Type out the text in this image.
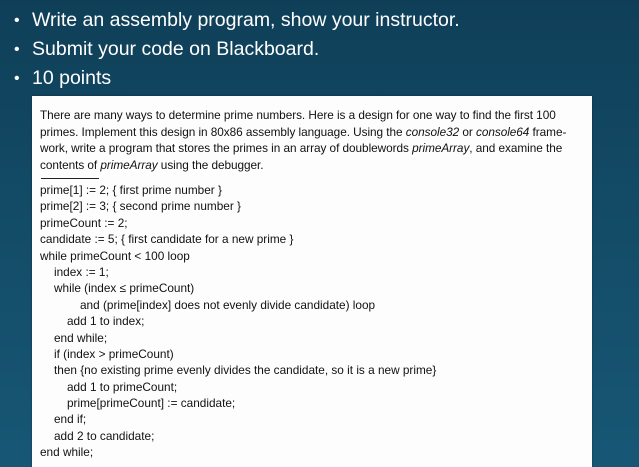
• Write an assembly program, show your instructor.
• Submit your code on Blackboard.
• 10 points

There are many ways to determine prime numbers. Here is a design for one way to find the first 100 primes. Implement this design in 80x86 assembly language. Using the console32 or console64 frame-work, write a program that stores the primes in an array of doublewords primeArray, and examine the contents of primeArray using the debugger.

prime[1] := 2; { first prime number }
prime[2] := 3; { second prime number }
primeCount := 2;
candidate := 5; { first candidate for a new prime }
while primeCount < 100 loop
index := 1;
while (index ≤ primeCount)
and (prime[index] does not evenly divide candidate) loop
add 1 to index;
end while;
if (index > primeCount)
then {no existing prime evenly divides the candidate, so it is a new prime}
add 1 to primeCount;
prime[primeCount] := candidate;
end if;
add 2 to candidate;
end while;
